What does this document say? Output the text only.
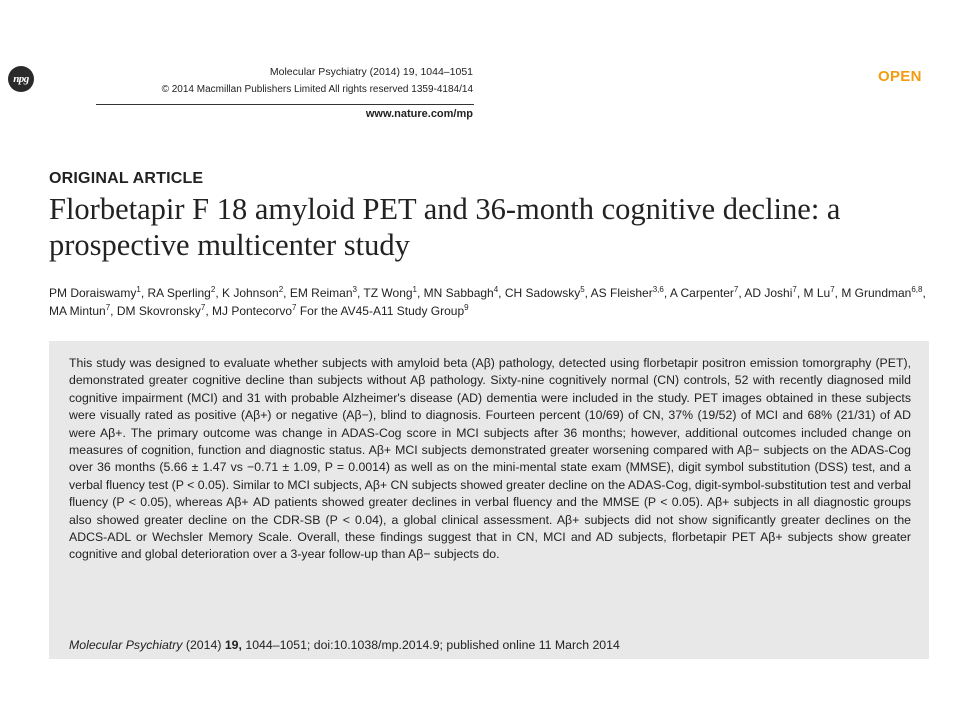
npg
Molecular Psychiatry (2014) 19, 1044–1051
© 2014 Macmillan Publishers Limited All rights reserved 1359-4184/14
www.nature.com/mp
OPEN
ORIGINAL ARTICLE
Florbetapir F 18 amyloid PET and 36-month cognitive decline: a prospective multicenter study

PM Doraiswamy$^1$, RA Sperling$^2$, K Johnson$^2$, EM Reiman$^3$, TZ Wong$^1$, MN Sabbagh$^4$, CH Sadowsky$^5$, AS Fleisher$^{3,6}$, A Carpenter$^7$, AD Joshi$^7$, M Lu$^7$, M Grundman$^{6,8}$, MA Mintun$^7$, DM Skovronsky$^7$, MJ Pontecorvo$^7$ For the AV45-A11 Study Group$^9$

This study was designed to evaluate whether subjects with amyloid beta (Aβ) pathology, detected using florbetapir positron emission tomorgraphy (PET), demonstrated greater cognitive decline than subjects without Aβ pathology. Sixty-nine cognitively normal (CN) controls, 52 with recently diagnosed mild cognitive impairment (MCI) and 31 with probable Alzheimer's disease (AD) dementia were included in the study. PET images obtained in these subjects were visually rated as positive (Aβ+) or negative (Aβ−), blind to diagnosis. Fourteen percent (10/69) of CN, 37% (19/52) of MCI and 68% (21/31) of AD were Aβ+. The primary outcome was change in ADAS-Cog score in MCI subjects after 36 months; however, additional outcomes included change on measures of cognition, function and diagnostic status. Aβ+ MCI subjects demonstrated greater worsening compared with Aβ− subjects on the ADAS-Cog over 36 months (5.66 ± 1.47 vs −0.71 ± 1.09, P = 0.0014) as well as on the mini-mental state exam (MMSE), digit symbol substitution (DSS) test, and a verbal fluency test (P < 0.05). Similar to MCI subjects, Aβ+ CN subjects showed greater decline on the ADAS-Cog, digit-symbol-substitution test and verbal fluency (P < 0.05), whereas Aβ+ AD patients showed greater declines in verbal fluency and the MMSE (P < 0.05). Aβ+ subjects in all diagnostic groups also showed greater decline on the CDR-SB (P < 0.04), a global clinical assessment. Aβ+ subjects did not show significantly greater declines on the ADCS-ADL or Wechsler Memory Scale. Overall, these findings suggest that in CN, MCI and AD subjects, florbetapir PET Aβ+ subjects show greater cognitive and global deterioration over a 3-year follow-up than Aβ− subjects do.

Molecular Psychiatry (2014) 19, 1044–1051; doi:10.1038/mp.2014.9; published online 11 March 2014
